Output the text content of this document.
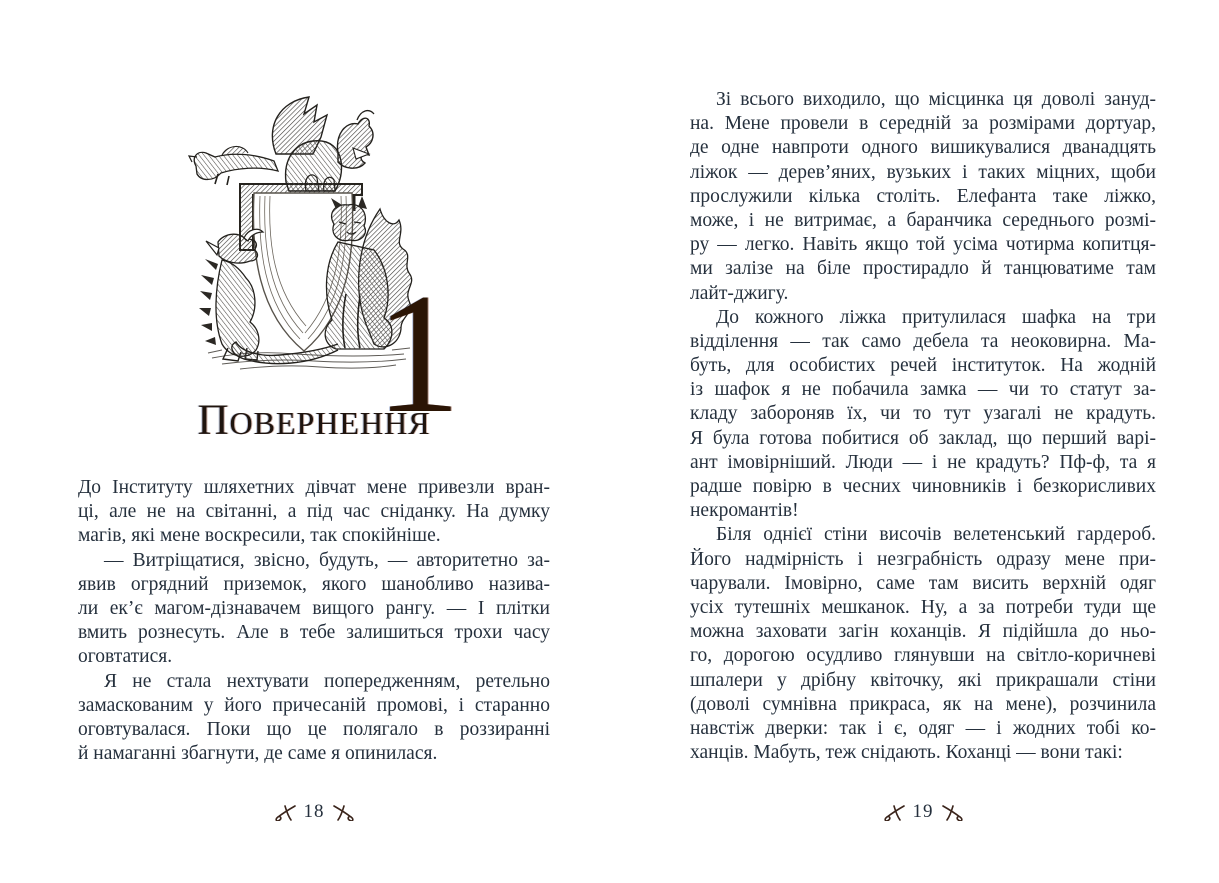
1
ПОВЕРНЕННЯ
До Інституту шляхетних дівчат мене привезли вран-
ці, але не на світанні, а під час сніданку. На думку
магів, які мене воскресили, так спокійніше.
— Витріщатися, звісно, будуть, — авторитетно за-
явив огрядний приземок, якого шанобливо назива-
ли ек’є магом-дізнавачем вищого рангу. — І плітки
вмить рознесуть. Але в тебе залишиться трохи часу
оговтатися.
Я не стала нехтувати попередженням, ретельно
замаскованим у його причесаній промові, і старанно
оговтувалася. Поки що це полягало в роззиранні
й намаганні збагнути, де саме я опинилася.
18
Зі всього виходило, що місцинка ця доволі зануд-
на. Мене провели в середній за розмірами дортуар,
де одне навпроти одного вишикувалися дванадцять
ліжок — дерев’яних, вузьких і таких міцних, щоби
прослужили кілька століть. Елефанта таке ліжко,
може, і не витримає, а баранчика середнього розмі-
ру — легко. Навіть якщо той усіма чотирма копитця-
ми залізе на біле простирадло й танцюватиме там
лайт-джигу.
До кожного ліжка притулилася шафка на три
відділення — так само дебела та неоковирна. Ма-
буть, для особистих речей інституток. На жодній
із шафок я не побачила замка — чи то статут за-
кладу забороняв їх, чи то тут узагалі не крадуть.
Я була готова побитися об заклад, що перший варі-
ант імовірніший. Люди — і не крадуть? Пф-ф, та я
радше повірю в чесних чиновників і безкорисливих
некромантів!
Біля однієї стіни височів велетенський гардероб.
Його надмірність і незграбність одразу мене при-
чарували. Імовірно, саме там висить верхній одяг
усіх тутешніх мешканок. Ну, а за потреби туди ще
можна заховати загін коханців. Я підійшла до ньо-
го, дорогою осудливо глянувши на світло-коричневі
шпалери у дрібну квіточку, які прикрашали стіни
(доволі сумнівна прикраса, як на мене), розчинила
навстіж дверки: так і є, одяг — і жодних тобі ко-
ханців. Мабуть, теж снідають. Коханці — вони такі:
19
